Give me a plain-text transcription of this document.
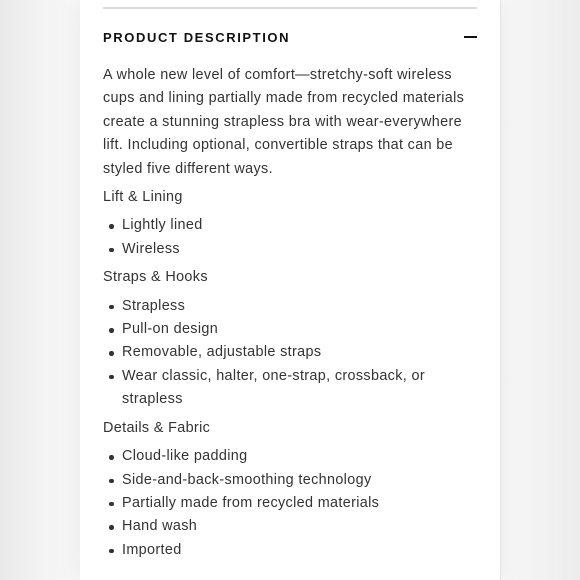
PRODUCT DESCRIPTION

A whole new level of comfort—stretchy-soft wireless cups and lining partially made from recycled materials create a stunning strapless bra with wear-everywhere lift. Including optional, convertible straps that can be styled five different ways.

Lift & Lining
Lightly lined
Wireless
Straps & Hooks
Strapless
Pull-on design
Removable, adjustable straps
Wear classic, halter, one-strap, crossback, or strapless
Details & Fabric
Cloud-like padding
Side-and-back-smoothing technology
Partially made from recycled materials
Hand wash
Imported
